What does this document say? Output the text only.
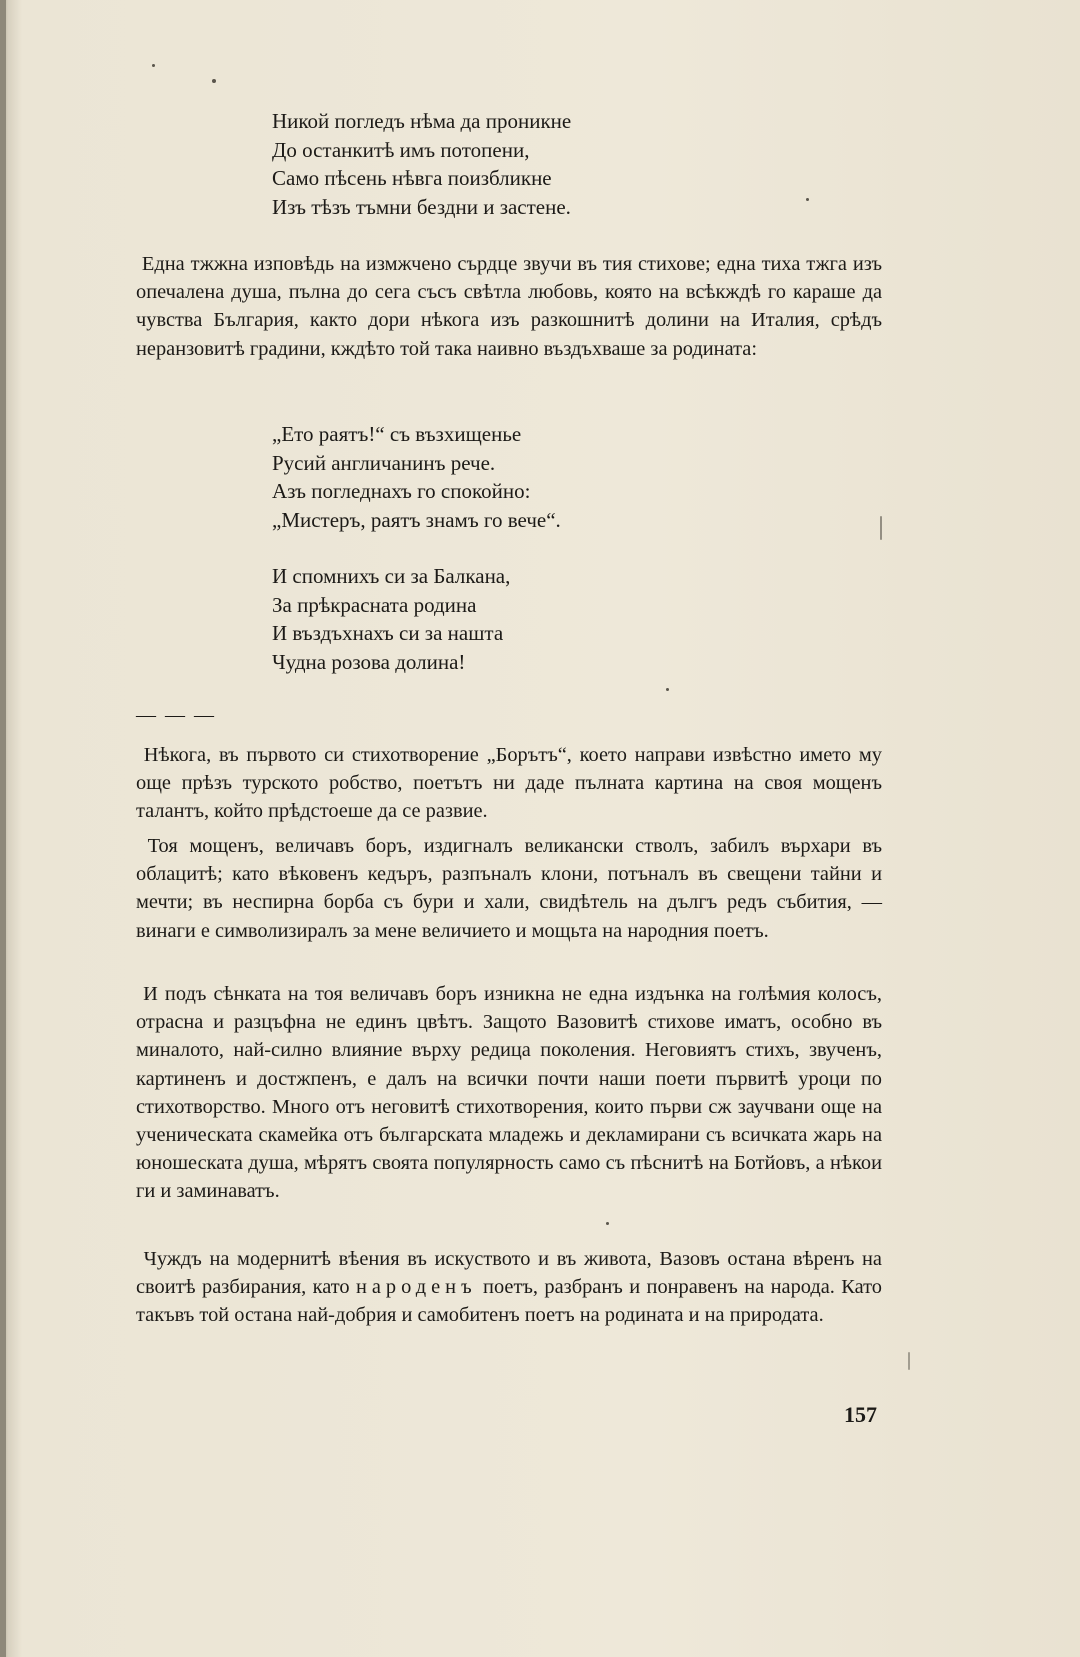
Никой погледъ нѣма да проникне
До останкитѣ имъ потопени,
Само пѣсень нѣвга поизбликне
Изъ тѣзъ тъмни бездни и застене.

Една тжжна изповѣдь на измжчено сърдце звучи въ тия стихове; една тиха тжга изъ опечалена душа, пълна до сега съсъ свѣтла любовь, която на всѣкждѣ го караше да чувства България, както дори нѣкога изъ разкошнитѣ долини на Италия, срѣдъ неранзовитѣ градини, кждѣто той така наивно въздъхваше за родината:

„Ето раятъ!“ съ възхищенье
Русий англичанинъ рече.
Азъ погледнахъ го спокойно:
„Мистеръ, раятъ знамъ го вече“.
И спомнихъ си за Балкана,
За прѣкрасната родина
И въздъхнахъ си за нашта
Чудна розова долина!
— — —

Нѣкога, въ първото си стихотворение „Борътъ“, което направи извѣстно името му още прѣзъ турското робство, поетътъ ни даде пълната картина на своя мощенъ талантъ, който прѣдстоеше да се развие.

Тоя мощенъ, величавъ боръ, издигналъ великански стволъ, забилъ върхари въ облацитѣ; като вѣковенъ кедъръ, разпъналъ клони, потъналъ въ свещени тайни и мечти; въ неспирна борба съ бури и хали, свидѣтель на дългъ редъ събития, — винаги е символизиралъ за мене величието и мощьта на народния поетъ.

И подъ сѣнката на тоя величавъ боръ изникна не една издънка на голѣмия колосъ, отрасна и разцъфна не единъ цвѣтъ. Защото Вазовитѣ стихове иматъ, особно въ миналото, най-силно влияние върху редица поколения. Неговиятъ стихъ, звученъ, картиненъ и достжпенъ, е далъ на всички почти наши поети първитѣ уроци по стихотворство. Много отъ неговитѣ стихотворения, които първи сж заучвани още на ученическата скамейка отъ българската младежь и декламирани съ всичката жарь на юношеската душа, мѣрятъ своята популярность само съ пѣснитѣ на Ботйовъ, а нѣкои ги и заминаватъ.

Чуждъ на модернитѣ вѣения въ искуството и въ живота, Вазовъ остана вѣренъ на своитѣ разбирания, като народенъ поетъ, разбранъ и понравенъ на народа. Като такъвъ той остана най-добрия и самобитенъ поетъ на родината и на природата.

157
